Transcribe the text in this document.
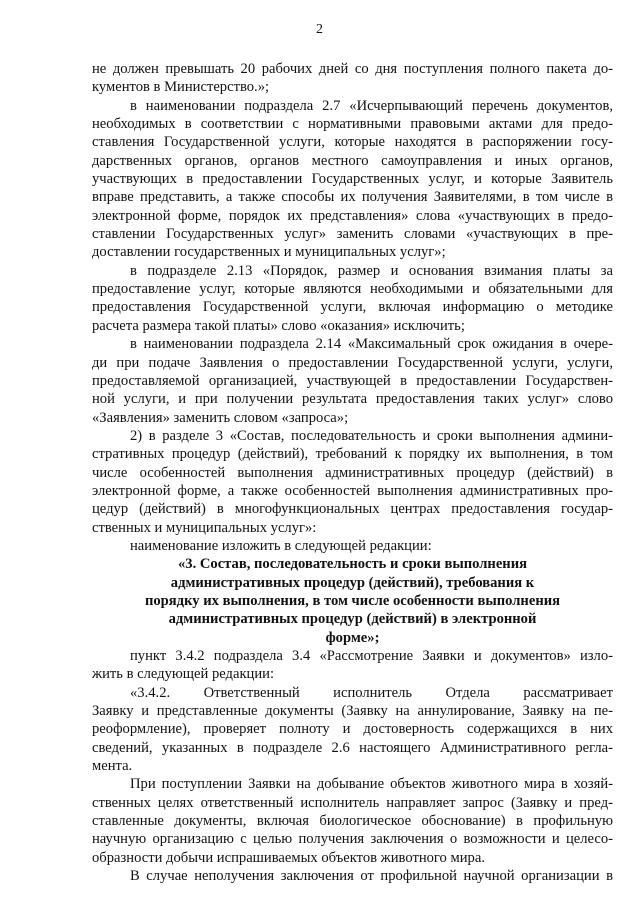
2
не должен превышать 20 рабочих дней со дня поступления полного пакета до-
кументов в Министерство.»;
в наименовании подраздела 2.7 «Исчерпывающий перечень документов,
необходимых в соответствии с нормативными правовыми актами для предо-
ставления Государственной услуги, которые находятся в распоряжении госу-
дарственных органов, органов местного самоуправления и иных органов,
участвующих в предоставлении Государственных услуг, и которые Заявитель
вправе представить, а также способы их получения Заявителями, в том числе в
электронной форме, порядок их представления» слова «участвующих в предо-
ставлении Государственных услуг» заменить словами «участвующих в пре-
доставлении государственных и муниципальных услуг»;
в подразделе 2.13 «Порядок, размер и основания взимания платы за
предоставление услуг, которые являются необходимыми и обязательными для
предоставления Государственной услуги, включая информацию о методике
расчета размера такой платы» слово «оказания» исключить;
в наименовании подраздела 2.14 «Максимальный срок ожидания в очере-
ди при подаче Заявления о предоставлении Государственной услуги, услуги,
предоставляемой организацией, участвующей в предоставлении Государствен-
ной услуги, и при получении результата предоставления таких услуг» слово
«Заявления» заменить словом «запроса»;
2) в разделе 3 «Состав, последовательность и сроки выполнения админи-
стративных процедур (действий), требований к порядку их выполнения, в том
числе особенностей выполнения административных процедур (действий) в
электронной форме, а также особенностей выполнения административных про-
цедур (действий) в многофункциональных центрах предоставления государ-
ственных и муниципальных услуг»:
наименование изложить в следующей редакции:
«3. Состав, последовательность и сроки выполнения
административных процедур (действий), требования к
порядку их выполнения, в том числе особенности выполнения
административных процедур (действий) в электронной
форме»;
пункт 3.4.2 подраздела 3.4 «Рассмотрение Заявки и документов» изло-
жить в следующей редакции:
«3.4.2. Ответственный исполнитель Отдела рассматривает
Заявку и представленные документы (Заявку на аннулирование, Заявку на пе-
реоформление), проверяет полноту и достоверность содержащихся в них
сведений, указанных в подразделе 2.6 настоящего Административного регла-
мента.
При поступлении Заявки на добывание объектов животного мира в хозяй-
ственных целях ответственный исполнитель направляет запрос (Заявку и пред-
ставленные документы, включая биологическое обоснование) в профильную
научную организацию с целью получения заключения о возможности и целесо-
образности добычи испрашиваемых объектов животного мира.
В случае неполучения заключения от профильной научной организации в
